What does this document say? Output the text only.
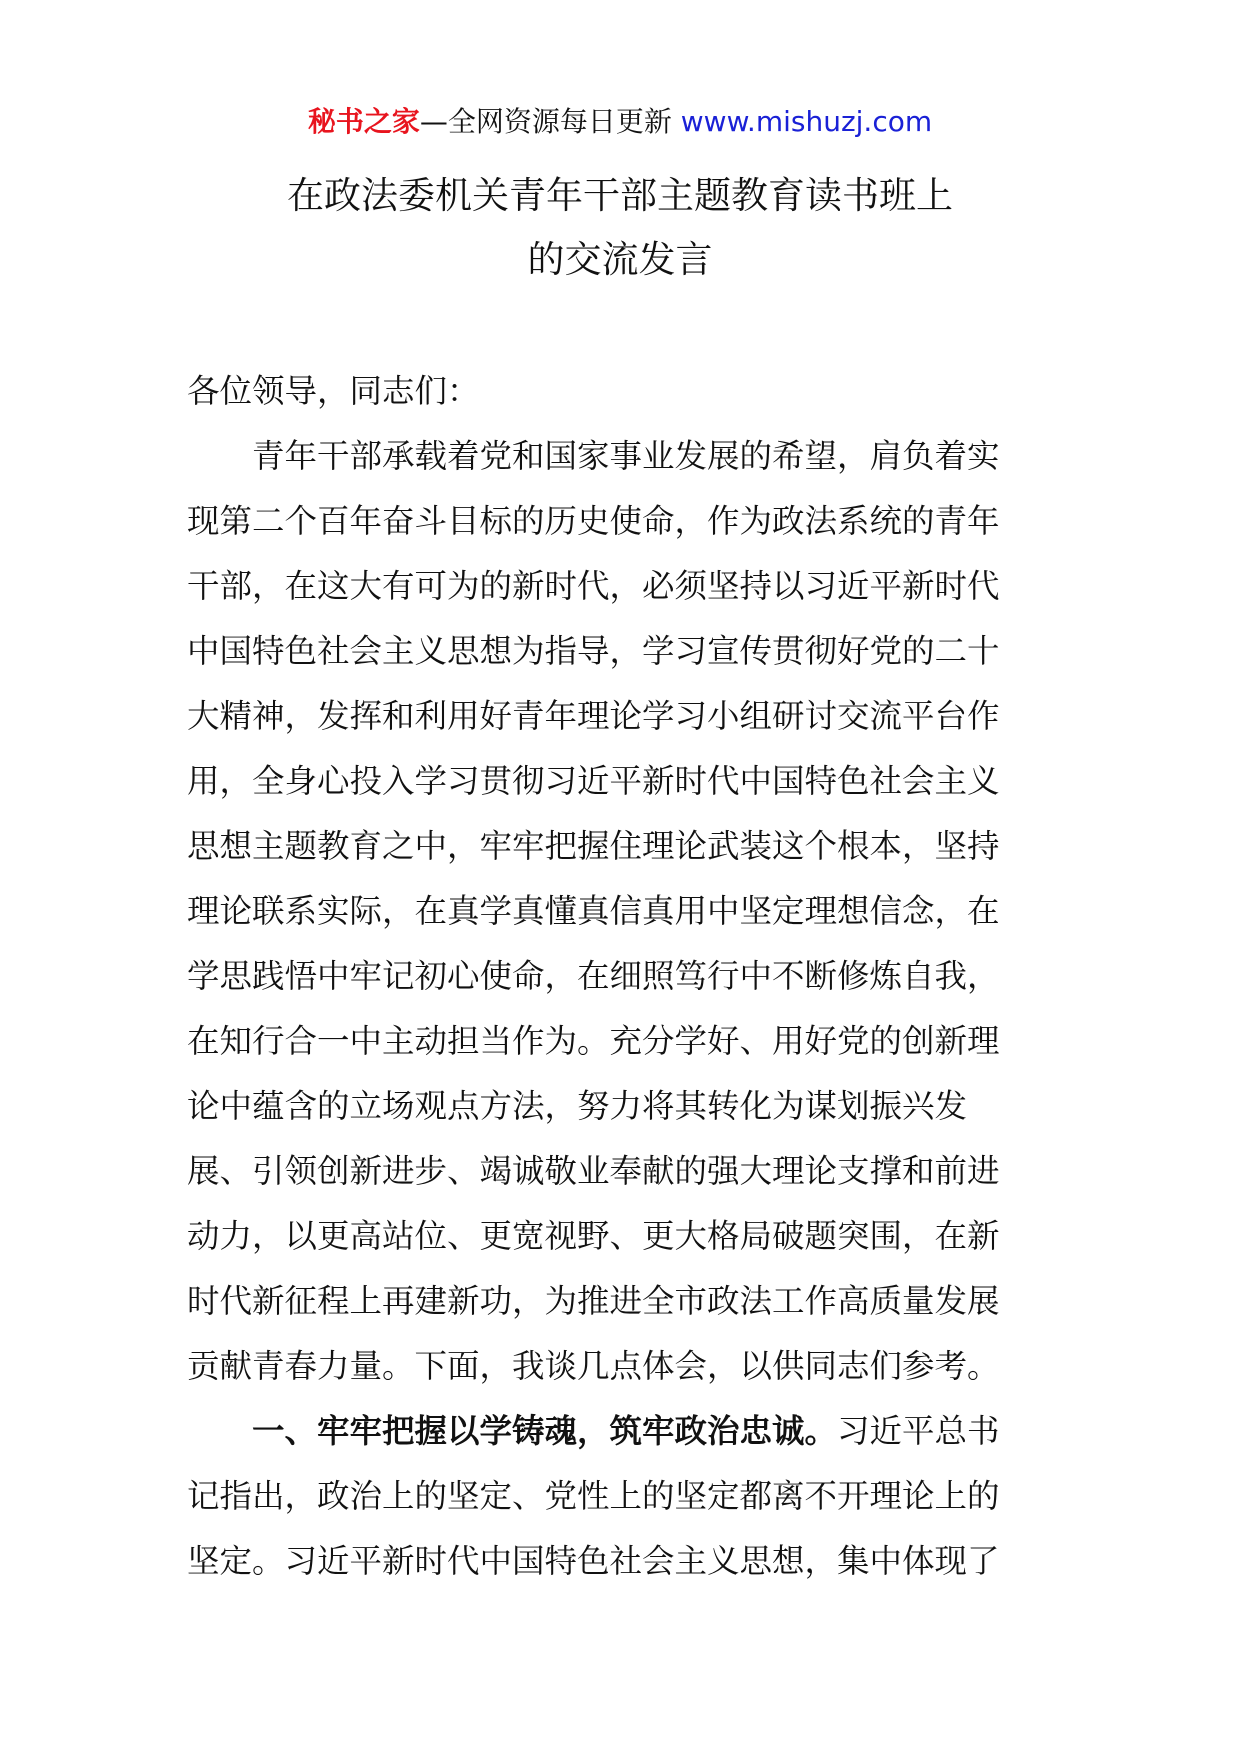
秘书之家—全网资源每日更新 www.mishuzj.com
在政法委机关青年干部主题教育读书班上
的交流发言
各位领导，同志们：
青年干部承载着党和国家事业发展的希望，肩负着实
现第二个百年奋斗目标的历史使命，作为政法系统的青年
干部，在这大有可为的新时代，必须坚持以习近平新时代
中国特色社会主义思想为指导，学习宣传贯彻好党的二十
大精神，发挥和利用好青年理论学习小组研讨交流平台作
用，全身心投入学习贯彻习近平新时代中国特色社会主义
思想主题教育之中，牢牢把握住理论武装这个根本，坚持
理论联系实际，在真学真懂真信真用中坚定理想信念，在
学思践悟中牢记初心使命，在细照笃行中不断修炼自我，
在知行合一中主动担当作为。充分学好、用好党的创新理
论中蕴含的立场观点方法，努力将其转化为谋划振兴发
展、引领创新进步、竭诚敬业奉献的强大理论支撑和前进
动力，以更高站位、更宽视野、更大格局破题突围，在新
时代新征程上再建新功，为推进全市政法工作高质量发展
贡献青春力量。下面，我谈几点体会，以供同志们参考。
一、牢牢把握以学铸魂，筑牢政治忠诚。习近平总书
记指出，政治上的坚定、党性上的坚定都离不开理论上的
坚定。习近平新时代中国特色社会主义思想，集中体现了
